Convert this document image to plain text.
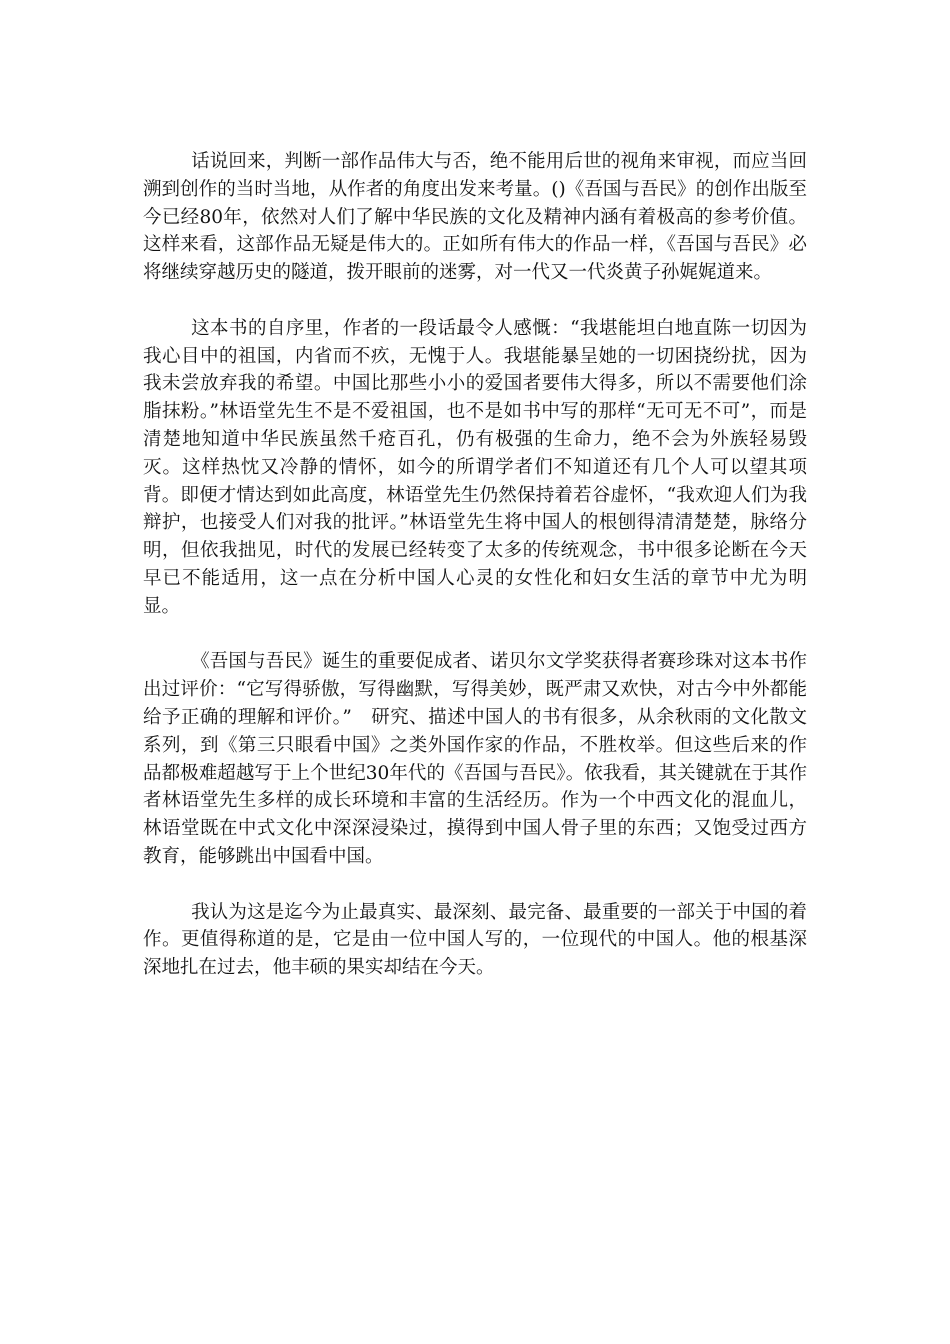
话说回来，判断一部作品伟大与否，绝不能用后世的视角来审视，而应当回溯到创作的当时当地，从作者的角度出发来考量。()《吾国与吾民》的创作出版至今已经80年，依然对人们了解中华民族的文化及精神内涵有着极高的参考价值。这样来看，这部作品无疑是伟大的。正如所有伟大的作品一样，《吾国与吾民》必将继续穿越历史的隧道，拨开眼前的迷雾，对一代又一代炎黄子孙娓娓道来。

这本书的自序里，作者的一段话最令人感慨：“我堪能坦白地直陈一切因为我心目中的祖国，内省而不疚，无愧于人。我堪能暴呈她的一切困挠纷扰，因为我未尝放弃我的希望。中国比那些小小的爱国者要伟大得多，所以不需要他们涂脂抹粉。”林语堂先生不是不爱祖国，也不是如书中写的那样“无可无不可”，而是清楚地知道中华民族虽然千疮百孔，仍有极强的生命力，绝不会为外族轻易毁灭。这样热忱又冷静的情怀，如今的所谓学者们不知道还有几个人可以望其项背。即便才情达到如此高度，林语堂先生仍然保持着若谷虚怀，“我欢迎人们为我辩护，也接受人们对我的批评。”林语堂先生将中国人的根刨得清清楚楚，脉络分明，但依我拙见，时代的发展已经转变了太多的传统观念，书中很多论断在今天早已不能适用，这一点在分析中国人心灵的女性化和妇女生活的章节中尤为明显。

《吾国与吾民》诞生的重要促成者、诺贝尔文学奖获得者赛珍珠对这本书作出过评价：“它写得骄傲，写得幽默，写得美妙，既严肃又欢快，对古今中外都能给予正确的理解和评价。”　研究、描述中国人的书有很多，从余秋雨的文化散文系列，到《第三只眼看中国》之类外国作家的作品，不胜枚举。但这些后来的作品都极难超越写于上个世纪30年代的《吾国与吾民》。依我看，其关键就在于其作者林语堂先生多样的成长环境和丰富的生活经历。作为一个中西文化的混血儿，林语堂既在中式文化中深深浸染过，摸得到中国人骨子里的东西；又饱受过西方教育，能够跳出中国看中国。

我认为这是迄今为止最真实、最深刻、最完备、最重要的一部关于中国的着作。更值得称道的是，它是由一位中国人写的，一位现代的中国人。他的根基深深地扎在过去，他丰硕的果实却结在今天。
